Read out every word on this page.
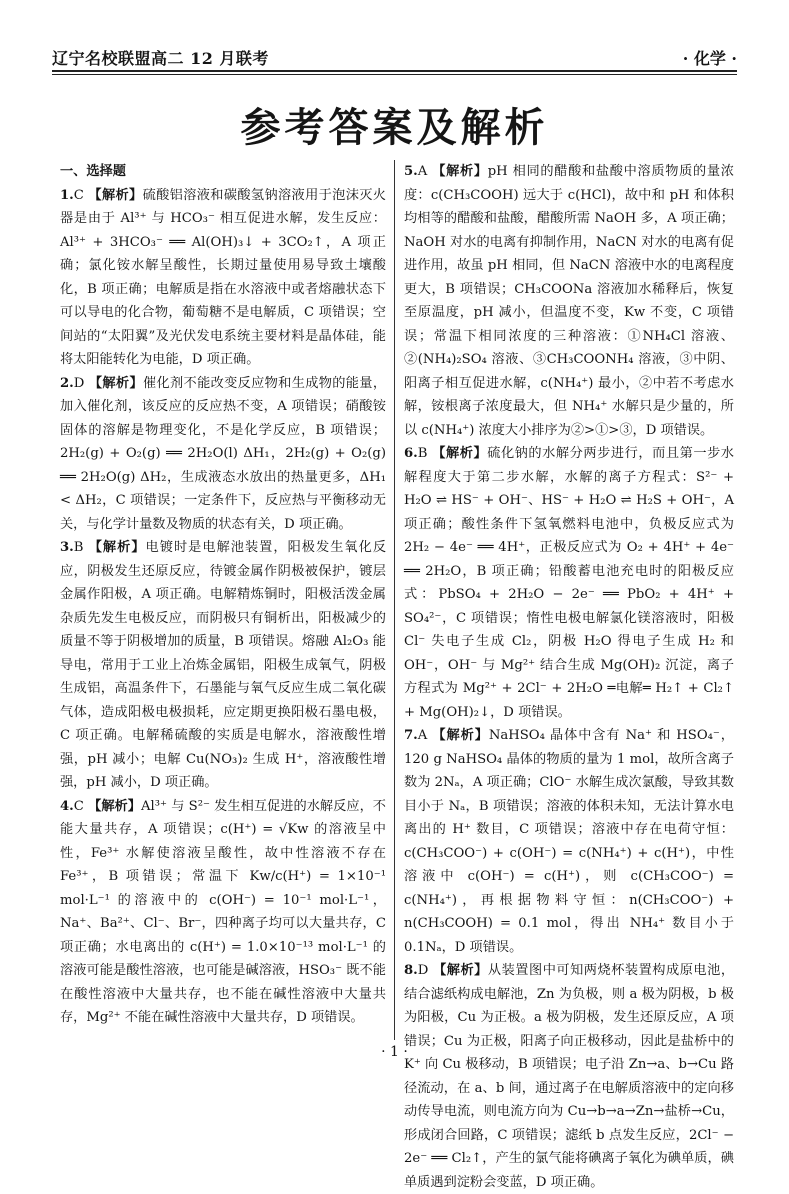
辽宁名校联盟高二 12 月联考	· 化学 ·
参考答案及解析
一、选择题

1.C 【解析】硫酸铝溶液和碳酸氢钠溶液用于泡沫灭火器是由于 Al³⁺ 与 HCO₃⁻ 相互促进水解，发生反应：Al³⁺ + 3HCO₃⁻ ══ Al(OH)₃↓ + 3CO₂↑，A 项正确；氯化铵水解呈酸性，长期过量使用易导致土壤酸化，B 项正确；电解质是指在水溶液中或者熔融状态下可以导电的化合物，葡萄糖不是电解质，C 项错误；空间站的“太阳翼”及光伏发电系统主要材料是晶体硅，能将太阳能转化为电能，D 项正确。

2.D 【解析】催化剂不能改变反应物和生成物的能量，加入催化剂，该反应的反应热不变，A 项错误；硝酸铵固体的溶解是物理变化，不是化学反应，B 项错误；2H₂(g) + O₂(g) ══ 2H₂O(l) ΔH₁，2H₂(g) + O₂(g) ══ 2H₂O(g) ΔH₂，生成液态水放出的热量更多，ΔH₁ < ΔH₂，C 项错误；一定条件下，反应热与平衡移动无关，与化学计量数及物质的状态有关，D 项正确。

3.B 【解析】电镀时是电解池装置，阳极发生氧化反应，阴极发生还原反应，待镀金属作阴极被保护，镀层金属作阳极，A 项正确。电解精炼铜时，阳极活泼金属杂质先发生电极反应，而阴极只有铜析出，阳极减少的质量不等于阴极增加的质量，B 项错误。熔融 Al₂O₃ 能导电，常用于工业上冶炼金属铝，阳极生成氧气，阴极生成铝，高温条件下，石墨能与氧气反应生成二氧化碳气体，造成阳极电极损耗，应定期更换阳极石墨电极，C 项正确。电解稀硫酸的实质是电解水，溶液酸性增强，pH 减小；电解 Cu(NO₃)₂ 生成 H⁺，溶液酸性增强，pH 减小，D 项正确。

4.C 【解析】Al³⁺ 与 S²⁻ 发生相互促进的水解反应，不能大量共存，A 项错误；c(H⁺) = √Kw 的溶液呈中性，Fe³⁺ 水解使溶液呈酸性，故中性溶液不存在 Fe³⁺，B 项错误；常温下 Kw/c(H⁺) = 1×10⁻¹ mol·L⁻¹ 的溶液中的 c(OH⁻) = 10⁻¹ mol·L⁻¹，Na⁺、Ba²⁺、Cl⁻、Br⁻，四种离子均可以大量共存，C 项正确；水电离出的 c(H⁺) = 1.0×10⁻¹³ mol·L⁻¹ 的溶液可能是酸性溶液，也可能是碱溶液，HSO₃⁻ 既不能在酸性溶液中大量共存，也不能在碱性溶液中大量共存，Mg²⁺ 不能在碱性溶液中大量共存，D 项错误。

5.A 【解析】pH 相同的醋酸和盐酸中溶质物质的量浓度：c(CH₃COOH) 远大于 c(HCl)，故中和 pH 和体积均相等的醋酸和盐酸，醋酸所需 NaOH 多，A 项正确；NaOH 对水的电离有抑制作用，NaCN 对水的电离有促进作用，故虽 pH 相同，但 NaCN 溶液中水的电离程度更大，B 项错误；CH₃COONa 溶液加水稀释后，恢复至原温度，pH 减小，但温度不变，Kw 不变，C 项错误；常温下相同浓度的三种溶液：①NH₄Cl 溶液、②(NH₄)₂SO₄ 溶液、③CH₃COONH₄ 溶液，③中阴、阳离子相互促进水解，c(NH₄⁺) 最小，②中若不考虑水解，铵根离子浓度最大，但 NH₄⁺ 水解只是少量的，所以 c(NH₄⁺) 浓度大小排序为②>①>③，D 项错误。

6.B 【解析】硫化钠的水解分两步进行，而且第一步水解程度大于第二步水解，水解的离子方程式：S²⁻ + H₂O ⇌ HS⁻ + OH⁻、HS⁻ + H₂O ⇌ H₂S + OH⁻，A 项正确；酸性条件下氢氧燃料电池中，负极反应式为 2H₂ − 4e⁻ ══ 4H⁺，正极反应式为 O₂ + 4H⁺ + 4e⁻ ══ 2H₂O，B 项正确；铅酸蓄电池充电时的阳极反应式：PbSO₄ + 2H₂O − 2e⁻ ══ PbO₂ + 4H⁺ + SO₄²⁻，C 项错误；惰性电极电解氯化镁溶液时，阳极 Cl⁻ 失电子生成 Cl₂，阴极 H₂O 得电子生成 H₂ 和 OH⁻，OH⁻ 与 Mg²⁺ 结合生成 Mg(OH)₂ 沉淀，离子方程式为 Mg²⁺ + 2Cl⁻ + 2H₂O ═电解═ H₂↑ + Cl₂↑ + Mg(OH)₂↓，D 项错误。

7.A 【解析】NaHSO₄ 晶体中含有 Na⁺ 和 HSO₄⁻，120 g NaHSO₄ 晶体的物质的量为 1 mol，故所含离子数为 2Nₐ，A 项正确；ClO⁻ 水解生成次氯酸，导致其数目小于 Nₐ，B 项错误；溶液的体积未知，无法计算水电离出的 H⁺ 数目，C 项错误；溶液中存在电荷守恒：c(CH₃COO⁻) + c(OH⁻) = c(NH₄⁺) + c(H⁺)，中性溶液中 c(OH⁻) = c(H⁺)，则 c(CH₃COO⁻) = c(NH₄⁺)，再根据物料守恒：n(CH₃COO⁻) + n(CH₃COOH) = 0.1 mol，得出 NH₄⁺ 数目小于 0.1Nₐ，D 项错误。

8.D 【解析】从装置图中可知两烧杯装置构成原电池，结合滤纸构成电解池，Zn 为负极，则 a 极为阴极，b 极为阳极，Cu 为正极。a 极为阴极，发生还原反应，A 项错误；Cu 为正极，阳离子向正极移动，因此是盐桥中的 K⁺ 向 Cu 极移动，B 项错误；电子沿 Zn→a、b→Cu 路径流动，在 a、b 间，通过离子在电解质溶液中的定向移动传导电流，则电流方向为 Cu→b→a→Zn→盐桥→Cu，形成闭合回路，C 项错误；滤纸 b 点发生反应，2Cl⁻ − 2e⁻ ══ Cl₂↑，产生的氯气能将碘离子氧化为碘单质，碘单质遇到淀粉会变蓝，D 项正确。

· 1 ·
